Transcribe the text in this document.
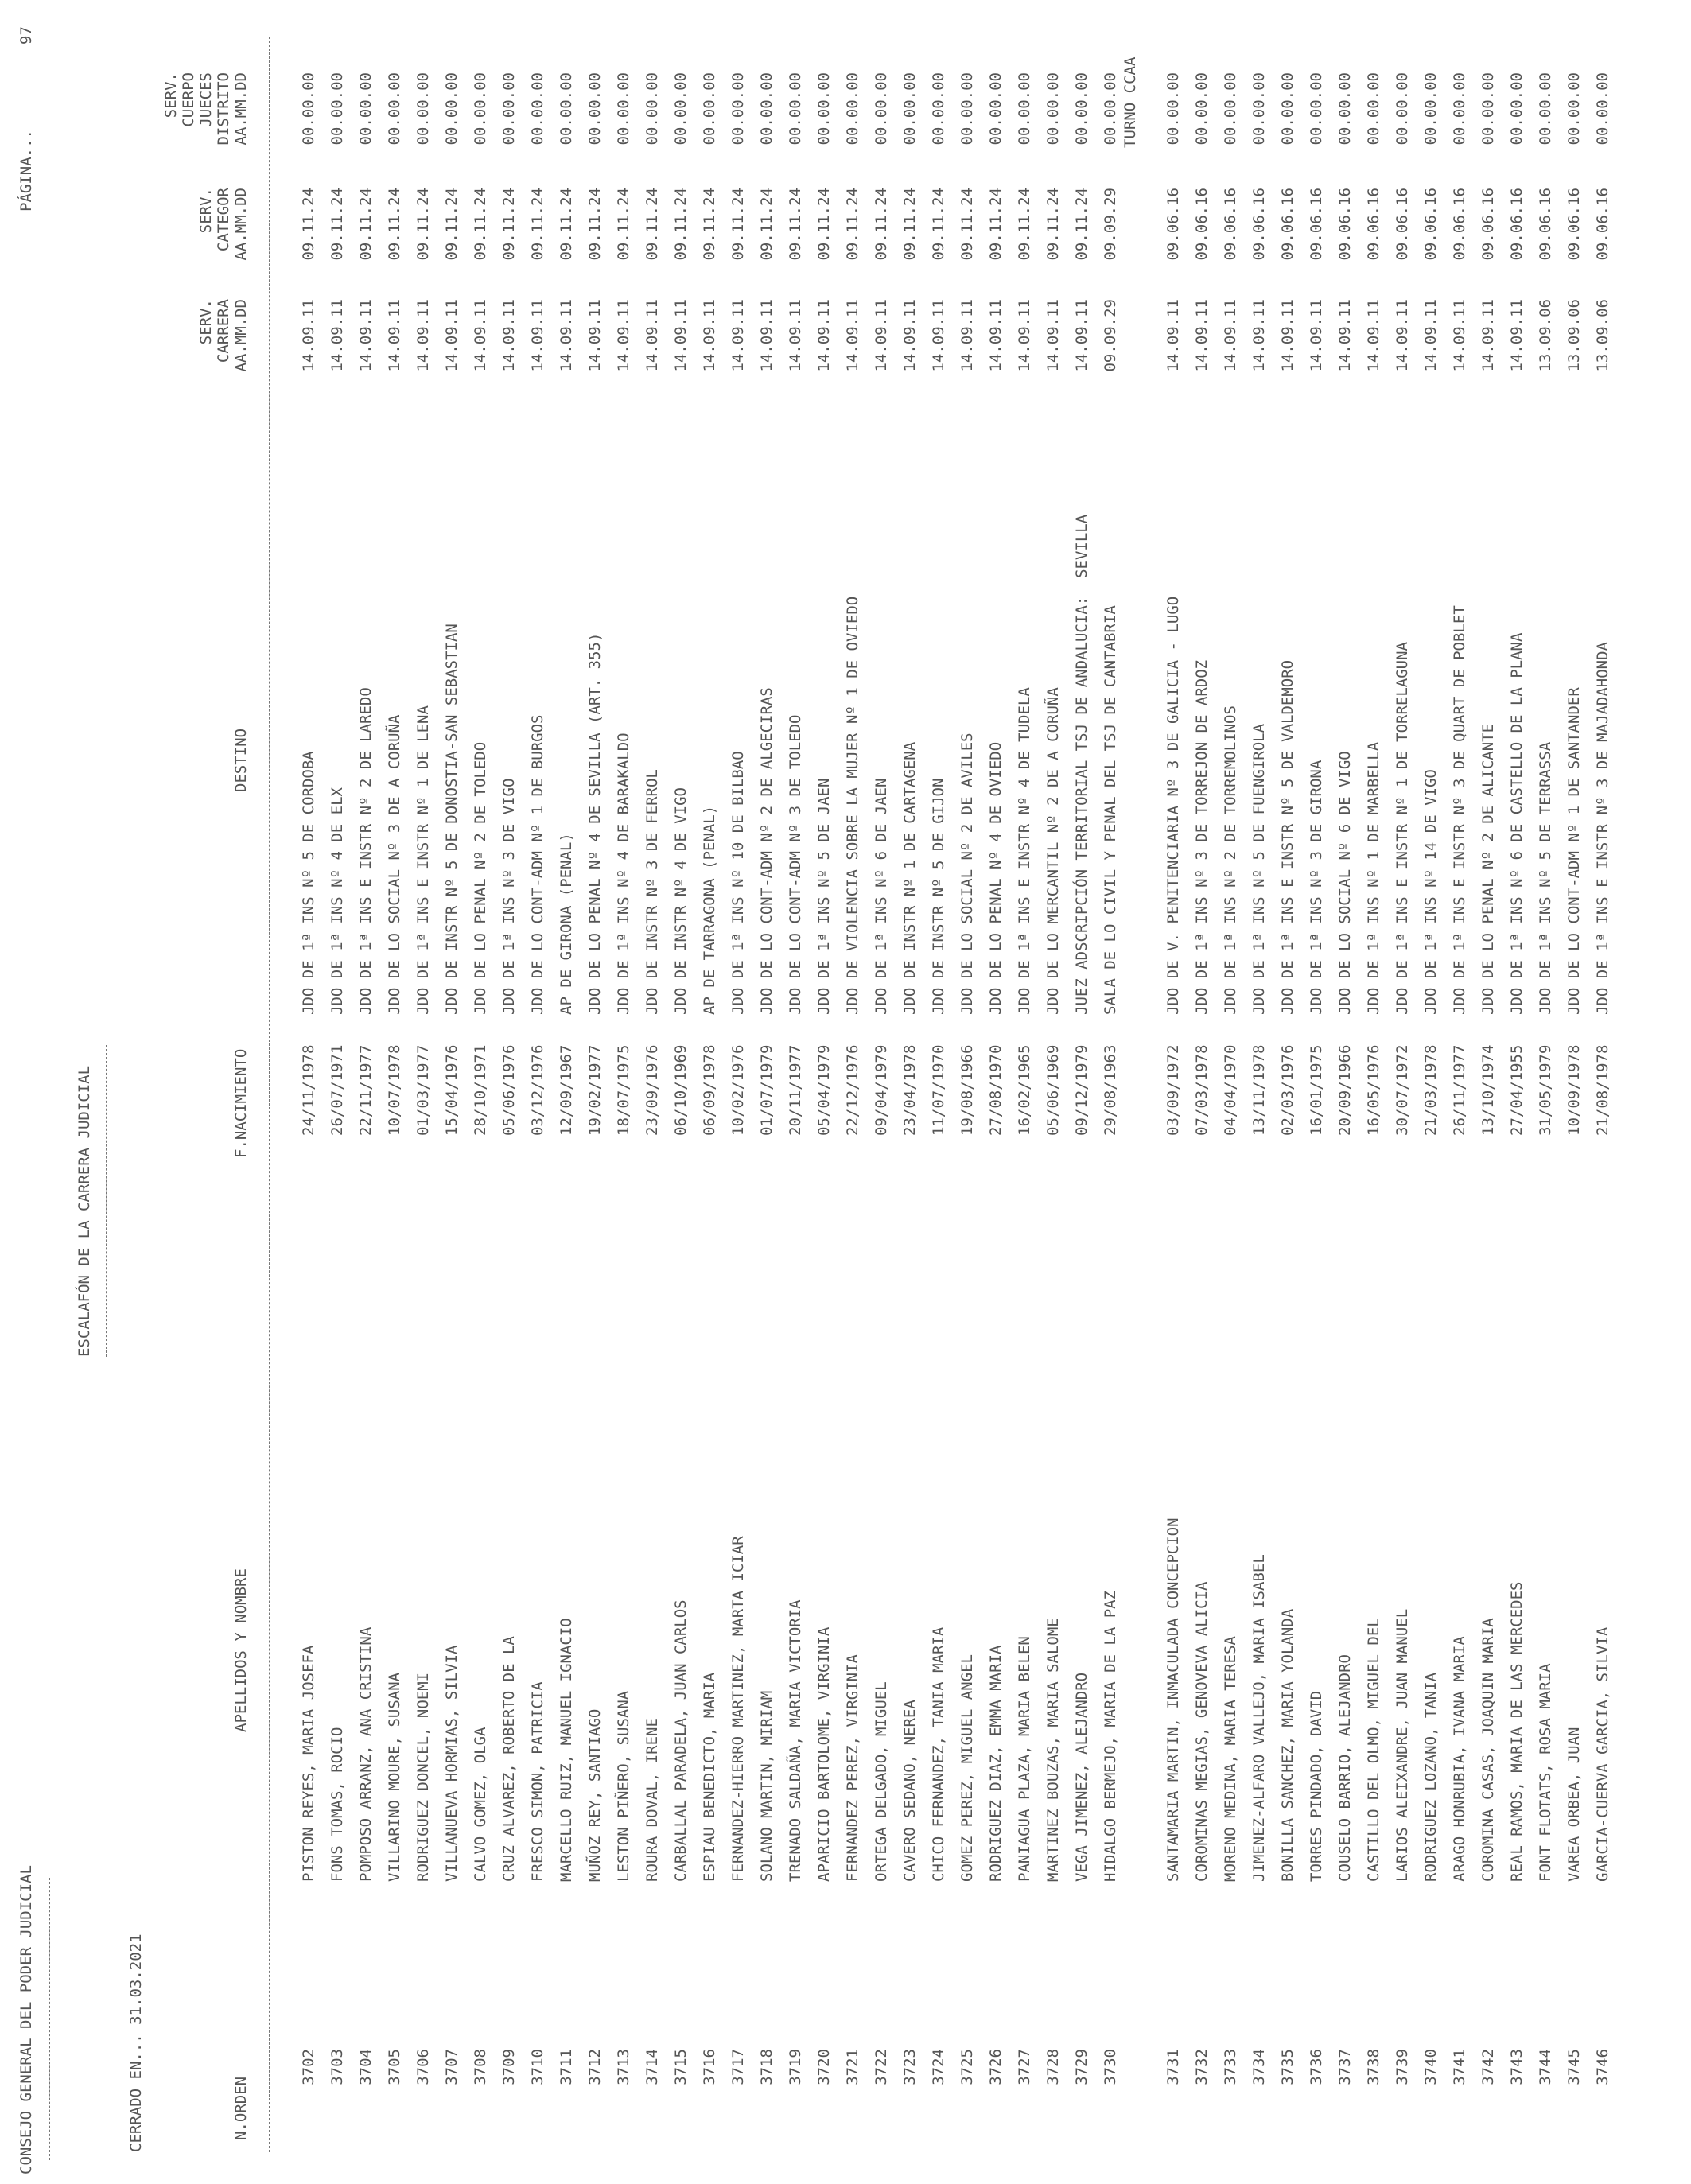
CONSEJO GENERAL DEL PODER JUDICIAL
ESCALAFÓN DE LA CARRERA JUDICIAL
PÁGINA...
97
CERRADO EN... 31.03.2021	N.ORDEN
APELLIDOS Y NOMBRE
F.NACIMIENTO
DESTINO
SERV. CARRERA AA.MM.DD
SERV. CATEGOR AA.MM.DD
SERV. CUERPO JUECES DISTRITO AA.MM.DD
3702
PISTON REYES, MARIA JOSEFA
24/11/1978
JDO DE 1ª INS Nº 5 DE CORDOBA
14.09.11
09.11.24
00.00.00
3703
FONS TOMAS, ROCIO
26/07/1971
JDO DE 1ª INS Nº 4 DE ELX
14.09.11
09.11.24
00.00.00
3704
POMPOSO ARRANZ, ANA CRISTINA
22/11/1977
JDO DE 1ª INS E INSTR Nº 2 DE LAREDO
14.09.11
09.11.24
00.00.00
3705
VILLARINO MOURE, SUSANA
10/07/1978
JDO DE LO SOCIAL Nº 3 DE A CORUÑA
14.09.11
09.11.24
00.00.00
3706
RODRIGUEZ DONCEL, NOEMI
01/03/1977
JDO DE 1ª INS E INSTR Nº 1 DE LENA
14.09.11
09.11.24
00.00.00
3707
VILLANUEVA HORMIAS, SILVIA
15/04/1976
JDO DE INSTR Nº 5 DE DONOSTIA-SAN SEBASTIAN
14.09.11
09.11.24
00.00.00
3708
CALVO GOMEZ, OLGA
28/10/1971
JDO DE LO PENAL Nº 2 DE TOLEDO
14.09.11
09.11.24
00.00.00
3709
CRUZ ALVAREZ, ROBERTO DE LA
05/06/1976
JDO DE 1ª INS Nº 3 DE VIGO
14.09.11
09.11.24
00.00.00
3710
FRESCO SIMON, PATRICIA
03/12/1976
JDO DE LO CONT-ADM Nº 1 DE BURGOS
14.09.11
09.11.24
00.00.00
3711
MARCELLO RUIZ, MANUEL IGNACIO
12/09/1967
AP DE GIRONA (PENAL)
14.09.11
09.11.24
00.00.00
3712
MUÑOZ REY, SANTIAGO
19/02/1977
JDO DE LO PENAL Nº 4 DE SEVILLA (ART. 355)
14.09.11
09.11.24
00.00.00
3713
LESTON PIÑERO, SUSANA
18/07/1975
JDO DE 1ª INS Nº 4 DE BARAKALDO
14.09.11
09.11.24
00.00.00
3714
ROURA DOVAL, IRENE
23/09/1976
JDO DE INSTR Nº 3 DE FERROL
14.09.11
09.11.24
00.00.00
3715
CARBALLAL PARADELA, JUAN CARLOS
06/10/1969
JDO DE INSTR Nº 4 DE VIGO
14.09.11
09.11.24
00.00.00
3716
ESPIAU BENEDICTO, MARIA
06/09/1978
AP DE TARRAGONA (PENAL)
14.09.11
09.11.24
00.00.00
3717
FERNANDEZ-HIERRO MARTINEZ, MARTA ICIAR
10/02/1976
JDO DE 1ª INS Nº 10 DE BILBAO
14.09.11
09.11.24
00.00.00
3718
SOLANO MARTIN, MIRIAM
01/07/1979
JDO DE LO CONT-ADM Nº 2 DE ALGECIRAS
14.09.11
09.11.24
00.00.00
3719
TRENADO SALDAÑA, MARIA VICTORIA
20/11/1977
JDO DE LO CONT-ADM Nº 3 DE TOLEDO
14.09.11
09.11.24
00.00.00
3720
APARICIO BARTOLOME, VIRGINIA
05/04/1979
JDO DE 1ª INS Nº 5 DE JAEN
14.09.11
09.11.24
00.00.00
3721
FERNANDEZ PEREZ, VIRGINIA
22/12/1976
JDO DE VIOLENCIA SOBRE LA MUJER Nº 1 DE OVIEDO
14.09.11
09.11.24
00.00.00
3722
ORTEGA DELGADO, MIGUEL
09/04/1979
JDO DE 1ª INS Nº 6 DE JAEN
14.09.11
09.11.24
00.00.00
3723
CAVERO SEDANO, NEREA
23/04/1978
JDO DE INSTR Nº 1 DE CARTAGENA
14.09.11
09.11.24
00.00.00
3724
CHICO FERNANDEZ, TANIA MARIA
11/07/1970
JDO DE INSTR Nº 5 DE GIJON
14.09.11
09.11.24
00.00.00
3725
GOMEZ PEREZ, MIGUEL ANGEL
19/08/1966
JDO DE LO SOCIAL Nº 2 DE AVILES
14.09.11
09.11.24
00.00.00
3726
RODRIGUEZ DIAZ, EMMA MARIA
27/08/1970
JDO DE LO PENAL Nº 4 DE OVIEDO
14.09.11
09.11.24
00.00.00
3727
PANIAGUA PLAZA, MARIA BELEN
16/02/1965
JDO DE 1ª INS E INSTR Nº 4 DE TUDELA
14.09.11
09.11.24
00.00.00
3728
MARTINEZ BOUZAS, MARIA SALOME
05/06/1969
JDO DE LO MERCANTIL Nº 2 DE A CORUÑA
14.09.11
09.11.24
00.00.00
3729
VEGA JIMENEZ, ALEJANDRO
09/12/1979
JUEZ ADSCRIPCIÓN TERRITORIAL TSJ DE ANDALUCIA:  SEVILLA
14.09.11
09.11.24
00.00.00
3730
HIDALGO BERMEJO, MARIA DE LA PAZ
29/08/1963
SALA DE LO CIVIL Y PENAL DEL TSJ DE CANTABRIA
09.09.29
09.09.29
00.00.00 TURNO CCAA
3731
SANTAMARIA MARTIN, INMACULADA CONCEPCION
03/09/1972
JDO DE V. PENITENCIARIA Nº 3 DE GALICIA - LUGO
14.09.11
09.06.16
00.00.00
3732
COROMINAS MEGIAS, GENOVEVA ALICIA
07/03/1978
JDO DE 1ª INS Nº 3 DE TORREJON DE ARDOZ
14.09.11
09.06.16
00.00.00
3733
MORENO MEDINA, MARIA TERESA
04/04/1970
JDO DE 1ª INS Nº 2 DE TORREMOLINOS
14.09.11
09.06.16
00.00.00
3734
JIMENEZ-ALFARO VALLEJO, MARIA ISABEL
13/11/1978
JDO DE 1ª INS Nº 5 DE FUENGIROLA
14.09.11
09.06.16
00.00.00
3735
BONILLA SANCHEZ, MARIA YOLANDA
02/03/1976
JDO DE 1ª INS E INSTR Nº 5 DE VALDEMORO
14.09.11
09.06.16
00.00.00
3736
TORRES PINDADO, DAVID
16/01/1975
JDO DE 1ª INS Nº 3 DE GIRONA
14.09.11
09.06.16
00.00.00
3737
COUSELO BARRIO, ALEJANDRO
20/09/1966
JDO DE LO SOCIAL Nº 6 DE VIGO
14.09.11
09.06.16
00.00.00
3738
CASTILLO DEL OLMO, MIGUEL DEL
16/05/1976
JDO DE 1ª INS Nº 1 DE MARBELLA
14.09.11
09.06.16
00.00.00
3739
LARIOS ALEIXANDRE, JUAN MANUEL
30/07/1972
JDO DE 1ª INS E INSTR Nº 1 DE TORRELAGUNA
14.09.11
09.06.16
00.00.00
3740
RODRIGUEZ LOZANO, TANIA
21/03/1978
JDO DE 1ª INS Nº 14 DE VIGO
14.09.11
09.06.16
00.00.00
3741
ARAGO HONRUBIA, IVANA MARIA
26/11/1977
JDO DE 1ª INS E INSTR Nº 3 DE QUART DE POBLET
14.09.11
09.06.16
00.00.00
3742
COROMINA CASAS, JOAQUIN MARIA
13/10/1974
JDO DE LO PENAL Nº 2 DE ALICANTE
14.09.11
09.06.16
00.00.00
3743
REAL RAMOS, MARIA DE LAS MERCEDES
27/04/1955
JDO DE 1ª INS Nº 6 DE CASTELLO DE LA PLANA
14.09.11
09.06.16
00.00.00
3744
FONT FLOTATS, ROSA MARIA
31/05/1979
JDO DE 1ª INS Nº 5 DE TERRASSA
13.09.06
09.06.16
00.00.00
3745
VAREA ORBEA, JUAN
10/09/1978
JDO DE LO CONT-ADM Nº 1 DE SANTANDER
13.09.06
09.06.16
00.00.00
3746
GARCIA-CUERVA GARCIA, SILVIA
21/08/1978
JDO DE 1ª INS E INSTR Nº 3 DE MAJADAHONDA
13.09.06
09.06.16
00.00.00
